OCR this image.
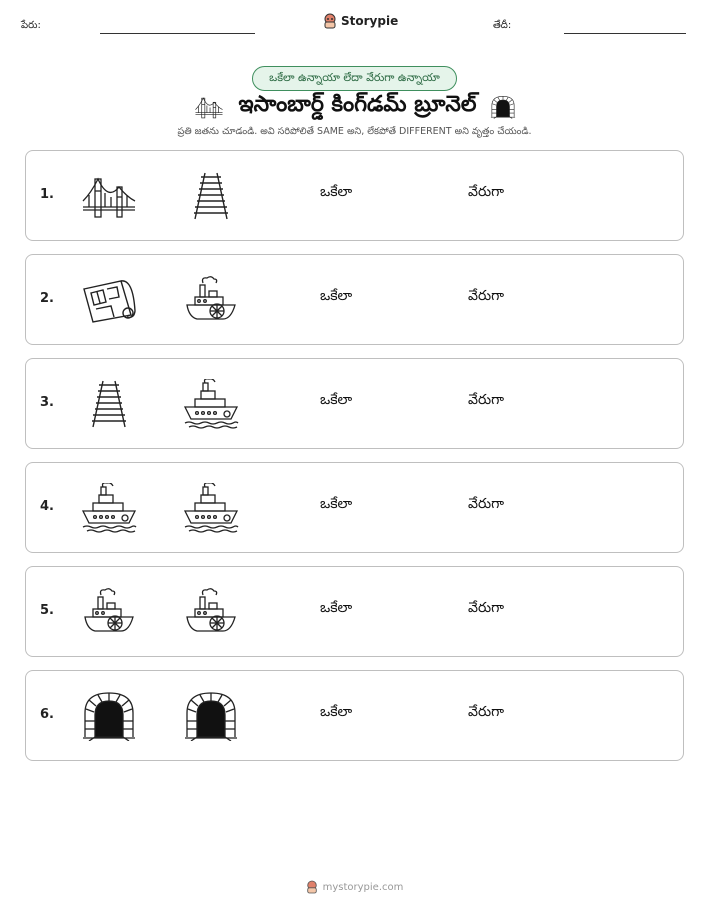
పేరు:	Storypie	తేదీ:
ఒకేలా ఉన్నాయా లేదా వేరుగా ఉన్నాయా
ఇసాంబార్డ్ కింగ్‌డమ్ బ్రూనెల్
ప్రతి జతను చూడండి. అవి సరిపోలితే SAME అని, లేకపోతే DIFFERENT అని వృత్తం చేయండి.
1.	ఒకేలా	వేరుగా
2.	ఒకేలా	వేరుగా
3.	ఒకేలా	వేరుగా
4.	ఒకేలా	వేరుగా
5.	ఒకేలా	వేరుగా
6.	ఒకేలా	వేరుగా
mystorypie.com
